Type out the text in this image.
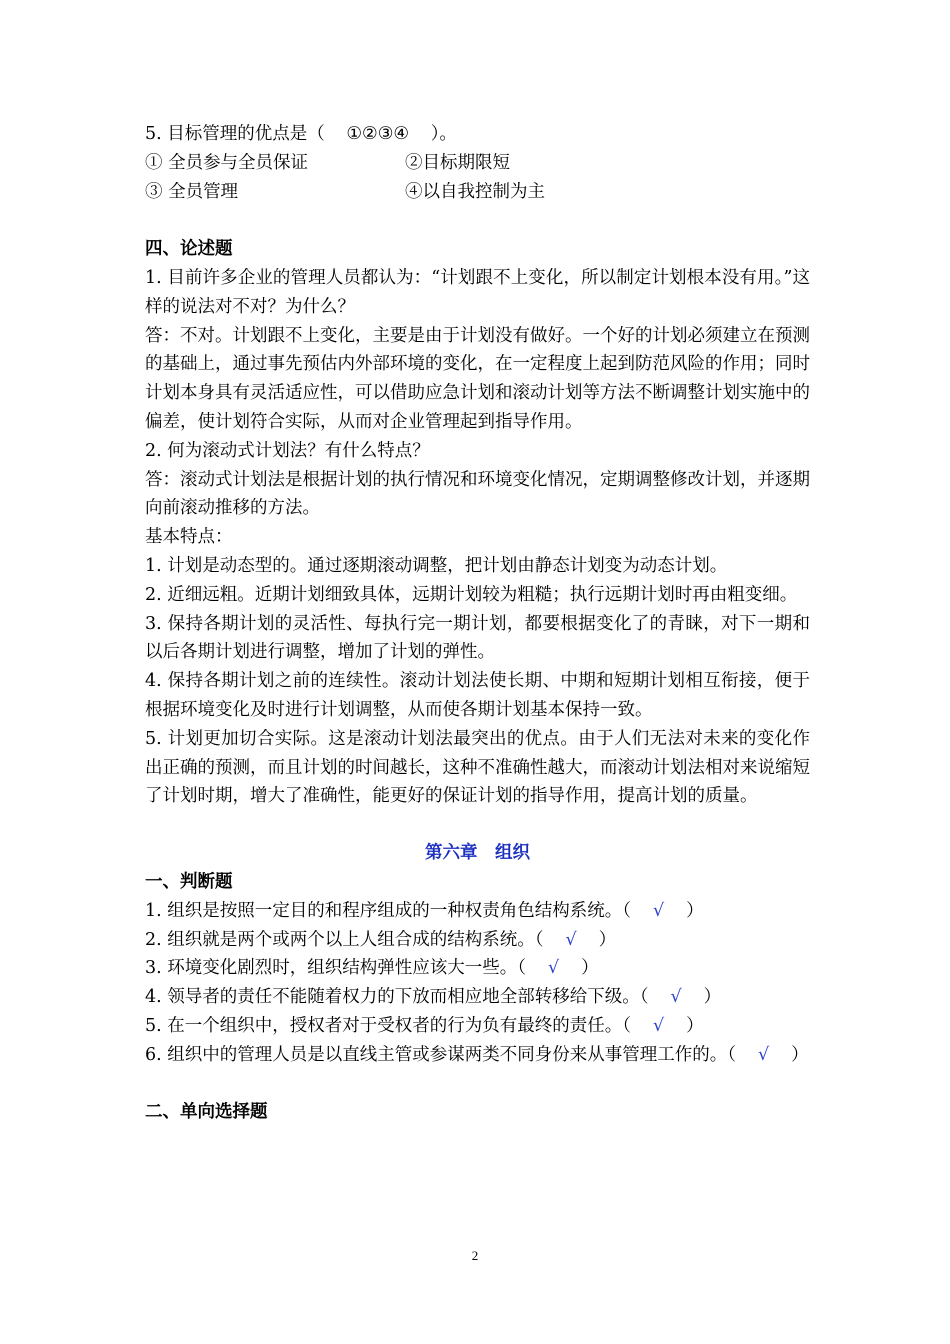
5. 目标管理的优点是（ ①②③④ ）。
① 全员参与全员保证	②目标期限短
③ 全员管理	④以自我控制为主
四、论述题
1. 目前许多企业的管理人员都认为：“计划跟不上变化，所以制定计划根本没有用。”这样的说法对不对？为什么？
答：不对。计划跟不上变化，主要是由于计划没有做好。一个好的计划必须建立在预测的基础上，通过事先预估内外部环境的变化，在一定程度上起到防范风险的作用；同时计划本身具有灵活适应性，可以借助应急计划和滚动计划等方法不断调整计划实施中的偏差，使计划符合实际，从而对企业管理起到指导作用。
2. 何为滚动式计划法？有什么特点？
答：滚动式计划法是根据计划的执行情况和环境变化情况，定期调整修改计划，并逐期向前滚动推移的方法。
基本特点：
1. 计划是动态型的。通过逐期滚动调整，把计划由静态计划变为动态计划。
2. 近细远粗。近期计划细致具体，远期计划较为粗糙；执行远期计划时再由粗变细。
3. 保持各期计划的灵活性、每执行完一期计划，都要根据变化了的青睐，对下一期和以后各期计划进行调整，增加了计划的弹性。
4. 保持各期计划之前的连续性。滚动计划法使长期、中期和短期计划相互衔接，便于根据环境变化及时进行计划调整，从而使各期计划基本保持一致。
5. 计划更加切合实际。这是滚动计划法最突出的优点。由于人们无法对未来的变化作出正确的预测，而且计划的时间越长，这种不准确性越大，而滚动计划法相对来说缩短了计划时期，增大了准确性，能更好的保证计划的指导作用，提高计划的质量。
第六章　组织
一、判断题
1. 组织是按照一定目的和程序组成的一种权责角色结构系统。（ √ ）
2. 组织就是两个或两个以上人组合成的结构系统。（ √ ）
3. 环境变化剧烈时，组织结构弹性应该大一些。（ √ ）
4. 领导者的责任不能随着权力的下放而相应地全部转移给下级。（ √ ）
5. 在一个组织中，授权者对于受权者的行为负有最终的责任。（ √ ）
6. 组织中的管理人员是以直线主管或参谋两类不同身份来从事管理工作的。（ √ ）
二、单向选择题
2
